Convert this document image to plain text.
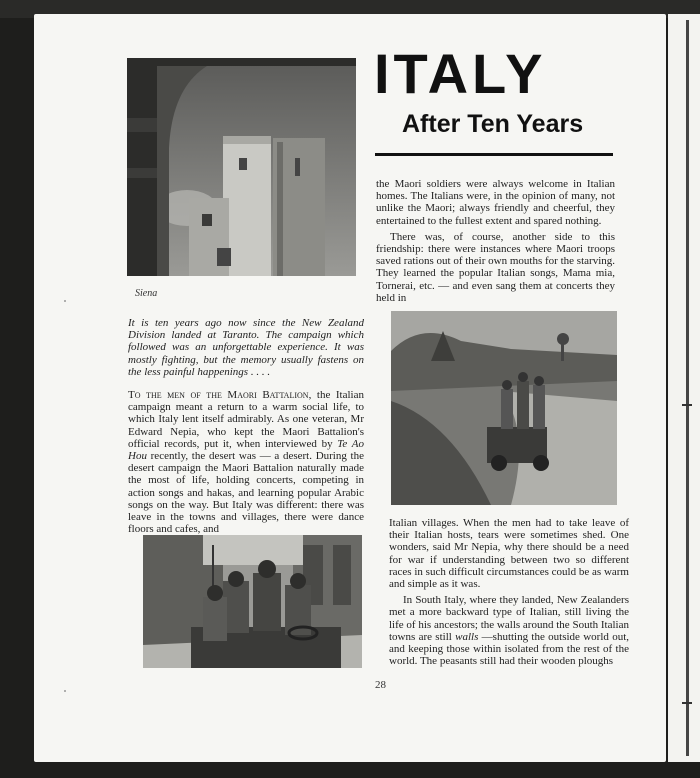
Siena
ITALY
After Ten Years

the Maori soldiers were always welcome in Italian homes. The Italians were, in the opinion of many, not unlike the Maori; always friendly and cheerful, they entertained to the fullest extent and spared nothing.

There was, of course, another side to this friendship: there were instances where Maori troops saved rations out of their own mouths for the starving. They learned the popular Italian songs, Mama mia, Tornerai, etc. — and even sang them at concerts they held in

It is ten years ago now since the New Zealand Division landed at Taranto. The campaign which followed was an unforgettable experience. It was mostly fighting, but the memory usually fastens on the less painful happenings . . . .

To the men of the Maori Battalion, the Italian campaign meant a return to a warm social life, to which Italy lent itself admirably. As one veteran, Mr Edward Nepia, who kept the Maori Battalion's official records, put it, when interviewed by Te Ao Hou recently, the desert was — a desert. During the desert campaign the Maori Battalion naturally made the most of life, holding concerts, competing in action songs and hakas, and learning popular Arabic songs on the way. But Italy was different: there was leave in the towns and villages, there were dance floors and cafes, and

Italian villages. When the men had to take leave of their Italian hosts, tears were sometimes shed. One wonders, said Mr Nepia, why there should be a need for war if understanding between two so different races in such difficult circumstances could be as warm and simple as it was.

In South Italy, where they landed, New Zealanders met a more backward type of Italian, still living the life of his ancestors; the walls around the South Italian towns are still walls —shutting the outside world out, and keeping those within isolated from the rest of the world. The peasants still had their wooden ploughs

28
